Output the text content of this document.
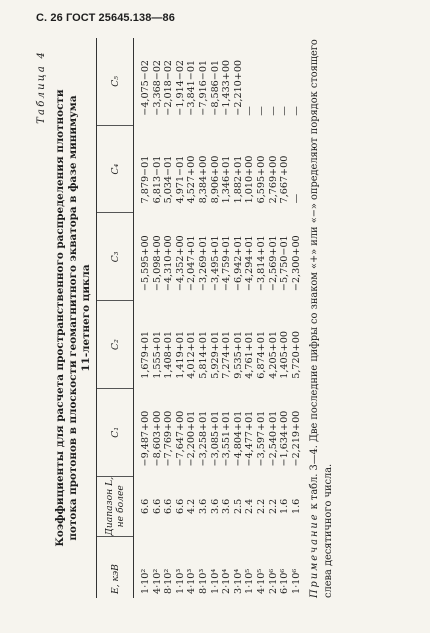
С. 26 ГОСТ 25645.138—86
Таблица 4
Коэффициенты для расчета пространственного распределения плотности потока протонов в плоскости геомагнитного экватора в фазе минимума 11-летнего цикла
E, кэВ
Диапазон L, не более
C₁
C₂
C₃
C₄
C₅
1·10²
6.6
−9,487+00
1,679+01
−5,595+00
7,879−01
−4,075−02
4·10²
6.6
−8,603+00
1,555+01
−5,098+00
6,813−01
−3,368−02
8·10²
6.6
−7,769+00
1,408+01
−4,310+00
5,034−01
−2,018−02
1·10³
6.6
−7,647+00
1,419+01
−4,352+00
4,971−01
−1,914−02
4·10³
4.2
−2,200+01
4,012+01
−2,047+01
4,527+00
−3,841−01
8·10³
3.6
−3,258+01
5,814+01
−3,269+01
8,384+00
−7,916−01
1·10⁴
3.6
−3,085+01
5,929+01
−3,495+01
8,906+00
−8,586−01
2·10⁴
3.6
−3,551+01
7,274+01
−4,759+01
1,346+01
−1,433+00
3·10⁴
2.5
−4,804+01
9,535+01
−6,942+01
1,882+01
−2,210+00
1·10⁵
2.4
−4,477+01
4,761+01
−4,294+01
1,010+00
—
4·10⁵
2.2
−3,597+01
6,874+01
−3,814+01
6,595+00
—
2·10⁶
2.2
−2,540+01
4,205+01
−2,569+01
2,769+00
—
6·10⁶
1.6
−1,634+00
1,405+00
−5,750−01
7,667+00
—
1·10⁶
1.6
−2,219+00
5,720+00
−2,300+00
—
—
Примечание к табл. 3—4. Две последние цифры со знаком «+» или «−» определяют порядок стоящего слева десятичного числа.
